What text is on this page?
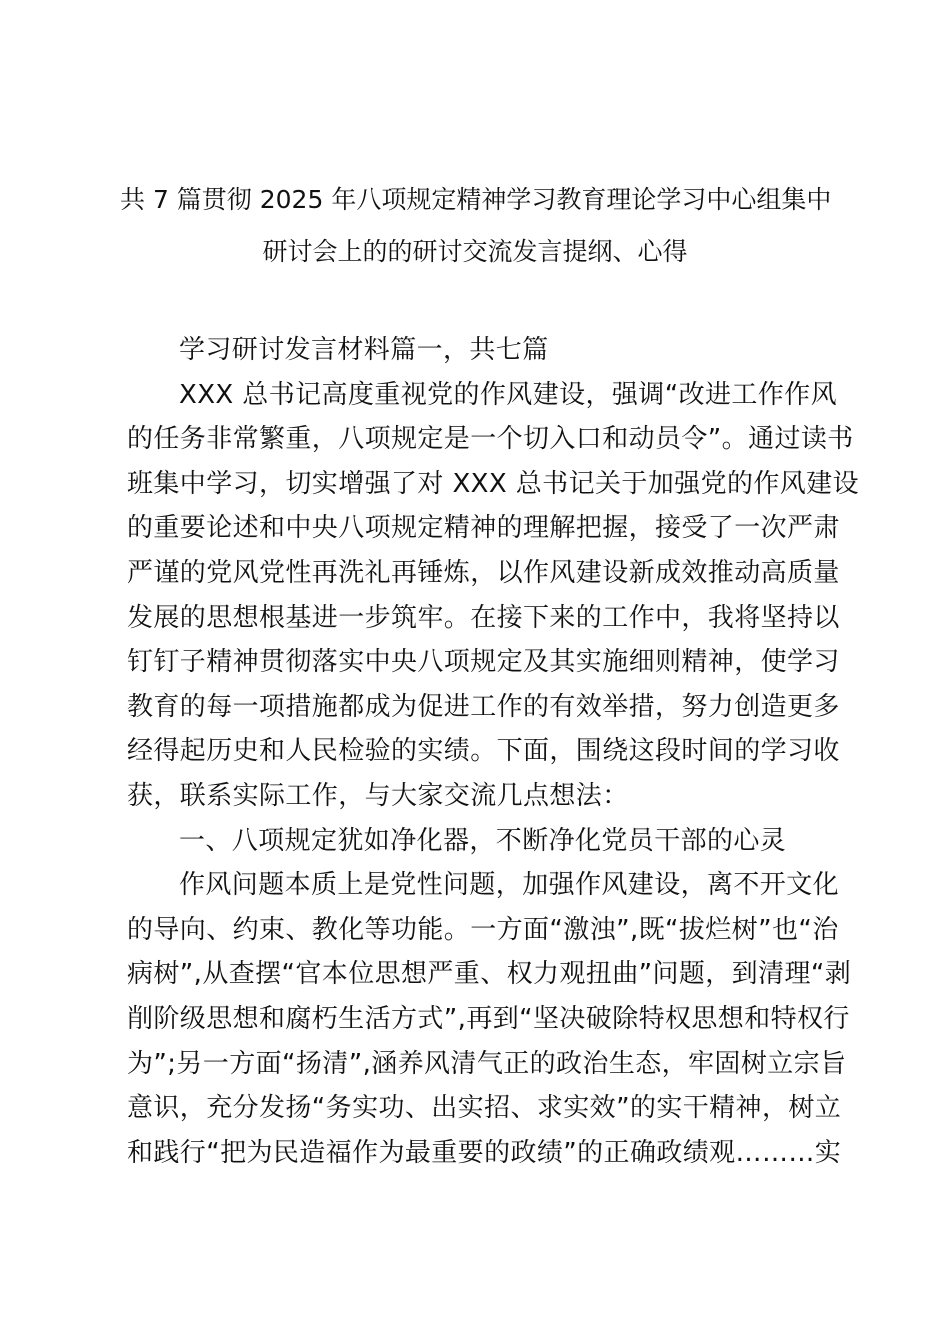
共 7 篇贯彻 2025 年八项规定精神学习教育理论学习中心组集中
研讨会上的的研讨交流发言提纲、心得
学习研讨发言材料篇一，共七篇
XXX 总书记高度重视党的作风建设，强调“改进工作作风
的任务非常繁重，八项规定是一个切入口和动员令”。通过读书
班集中学习，切实增强了对 XXX 总书记关于加强党的作风建设
的重要论述和中央八项规定精神的理解把握，接受了一次严肃
严谨的党风党性再洗礼再锤炼，以作风建设新成效推动高质量
发展的思想根基进一步筑牢。在接下来的工作中，我将坚持以
钉钉子精神贯彻落实中央八项规定及其实施细则精神，使学习
教育的每一项措施都成为促进工作的有效举措，努力创造更多
经得起历史和人民检验的实绩。下面，围绕这段时间的学习收
获，联系实际工作，与大家交流几点想法：
一、八项规定犹如净化器，不断净化党员干部的心灵
作风问题本质上是党性问题，加强作风建设，离不开文化
的导向、约束、教化等功能。一方面“激浊”,既“拔烂树”也“治
病树”,从查摆“官本位思想严重、权力观扭曲”问题，到清理“剥
削阶级思想和腐朽生活方式”,再到“坚决破除特权思想和特权行
为”;另一方面“扬清”,涵养风清气正的政治生态，牢固树立宗旨
意识，充分发扬“务实功、出实招、求实效”的实干精神，树立
和践行“把为民造福作为最重要的政绩”的正确政绩观………实
